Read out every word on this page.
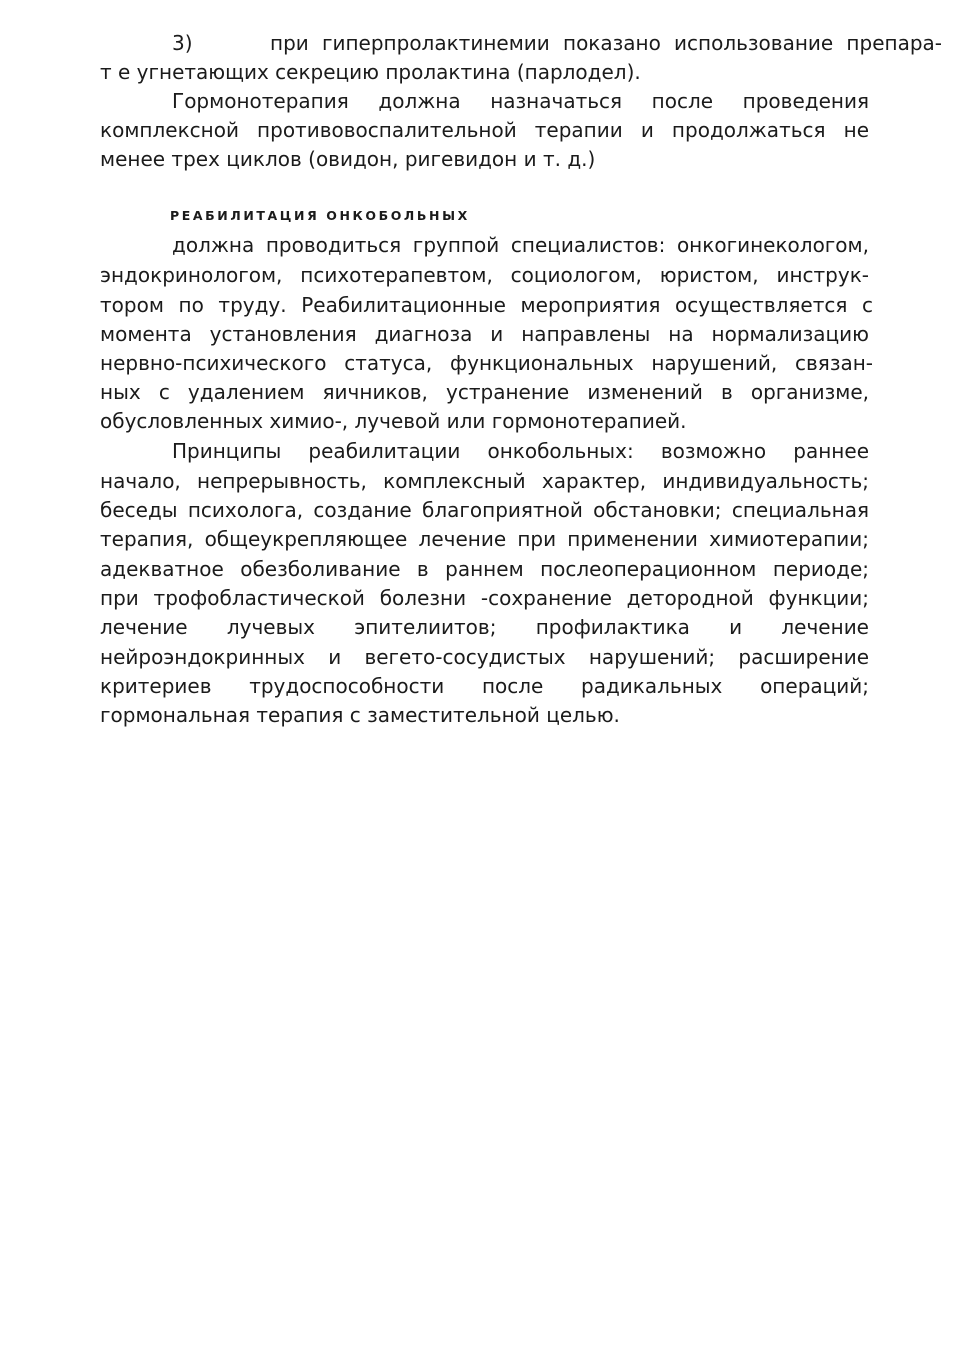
3)	при гиперпролактинемии показано использование препара-
т е угнетающих секрецию пролактина (парлодел).
Гормонотерапия должна назначаться после проведения
комплексной противовоспалительной терапии и продолжаться не
менее трех циклов (овидон, ригевидон и т. д.)
РЕАБИЛИТАЦИЯ ОНКОБОЛЬНЫХ
должна проводиться группой специалистов: онкогинекологом,
эндокринологом, психотерапевтом, социологом, юристом, инструк-
тором по труду. Реабилитационные мероприятия осуществляется с
момента установления диагноза и направлены на нормализацию
нервно-психического статуса, функциональных нарушений, связан-
ных с удалением яичников, устранение изменений в организме,
обусловленных химио-, лучевой или гормонотерапией.
Принципы реабилитации онкобольных: возможно раннее
начало, непрерывность, комплексный характер, индивидуальность;
беседы психолога, создание благоприятной обстановки; специальная
терапия, общеукрепляющее лечение при применении химиотерапии;
адекватное обезболивание в раннем послеоперационном периоде;
при трофобластической болезни -сохранение детородной функции;
лечение лучевых эпителиитов; профилактика и лечение
нейроэндокринных и вегето-сосудистых нарушений; расширение
критериев трудоспособности после радикальных операций;
гормональная терапия с заместительной целью.
